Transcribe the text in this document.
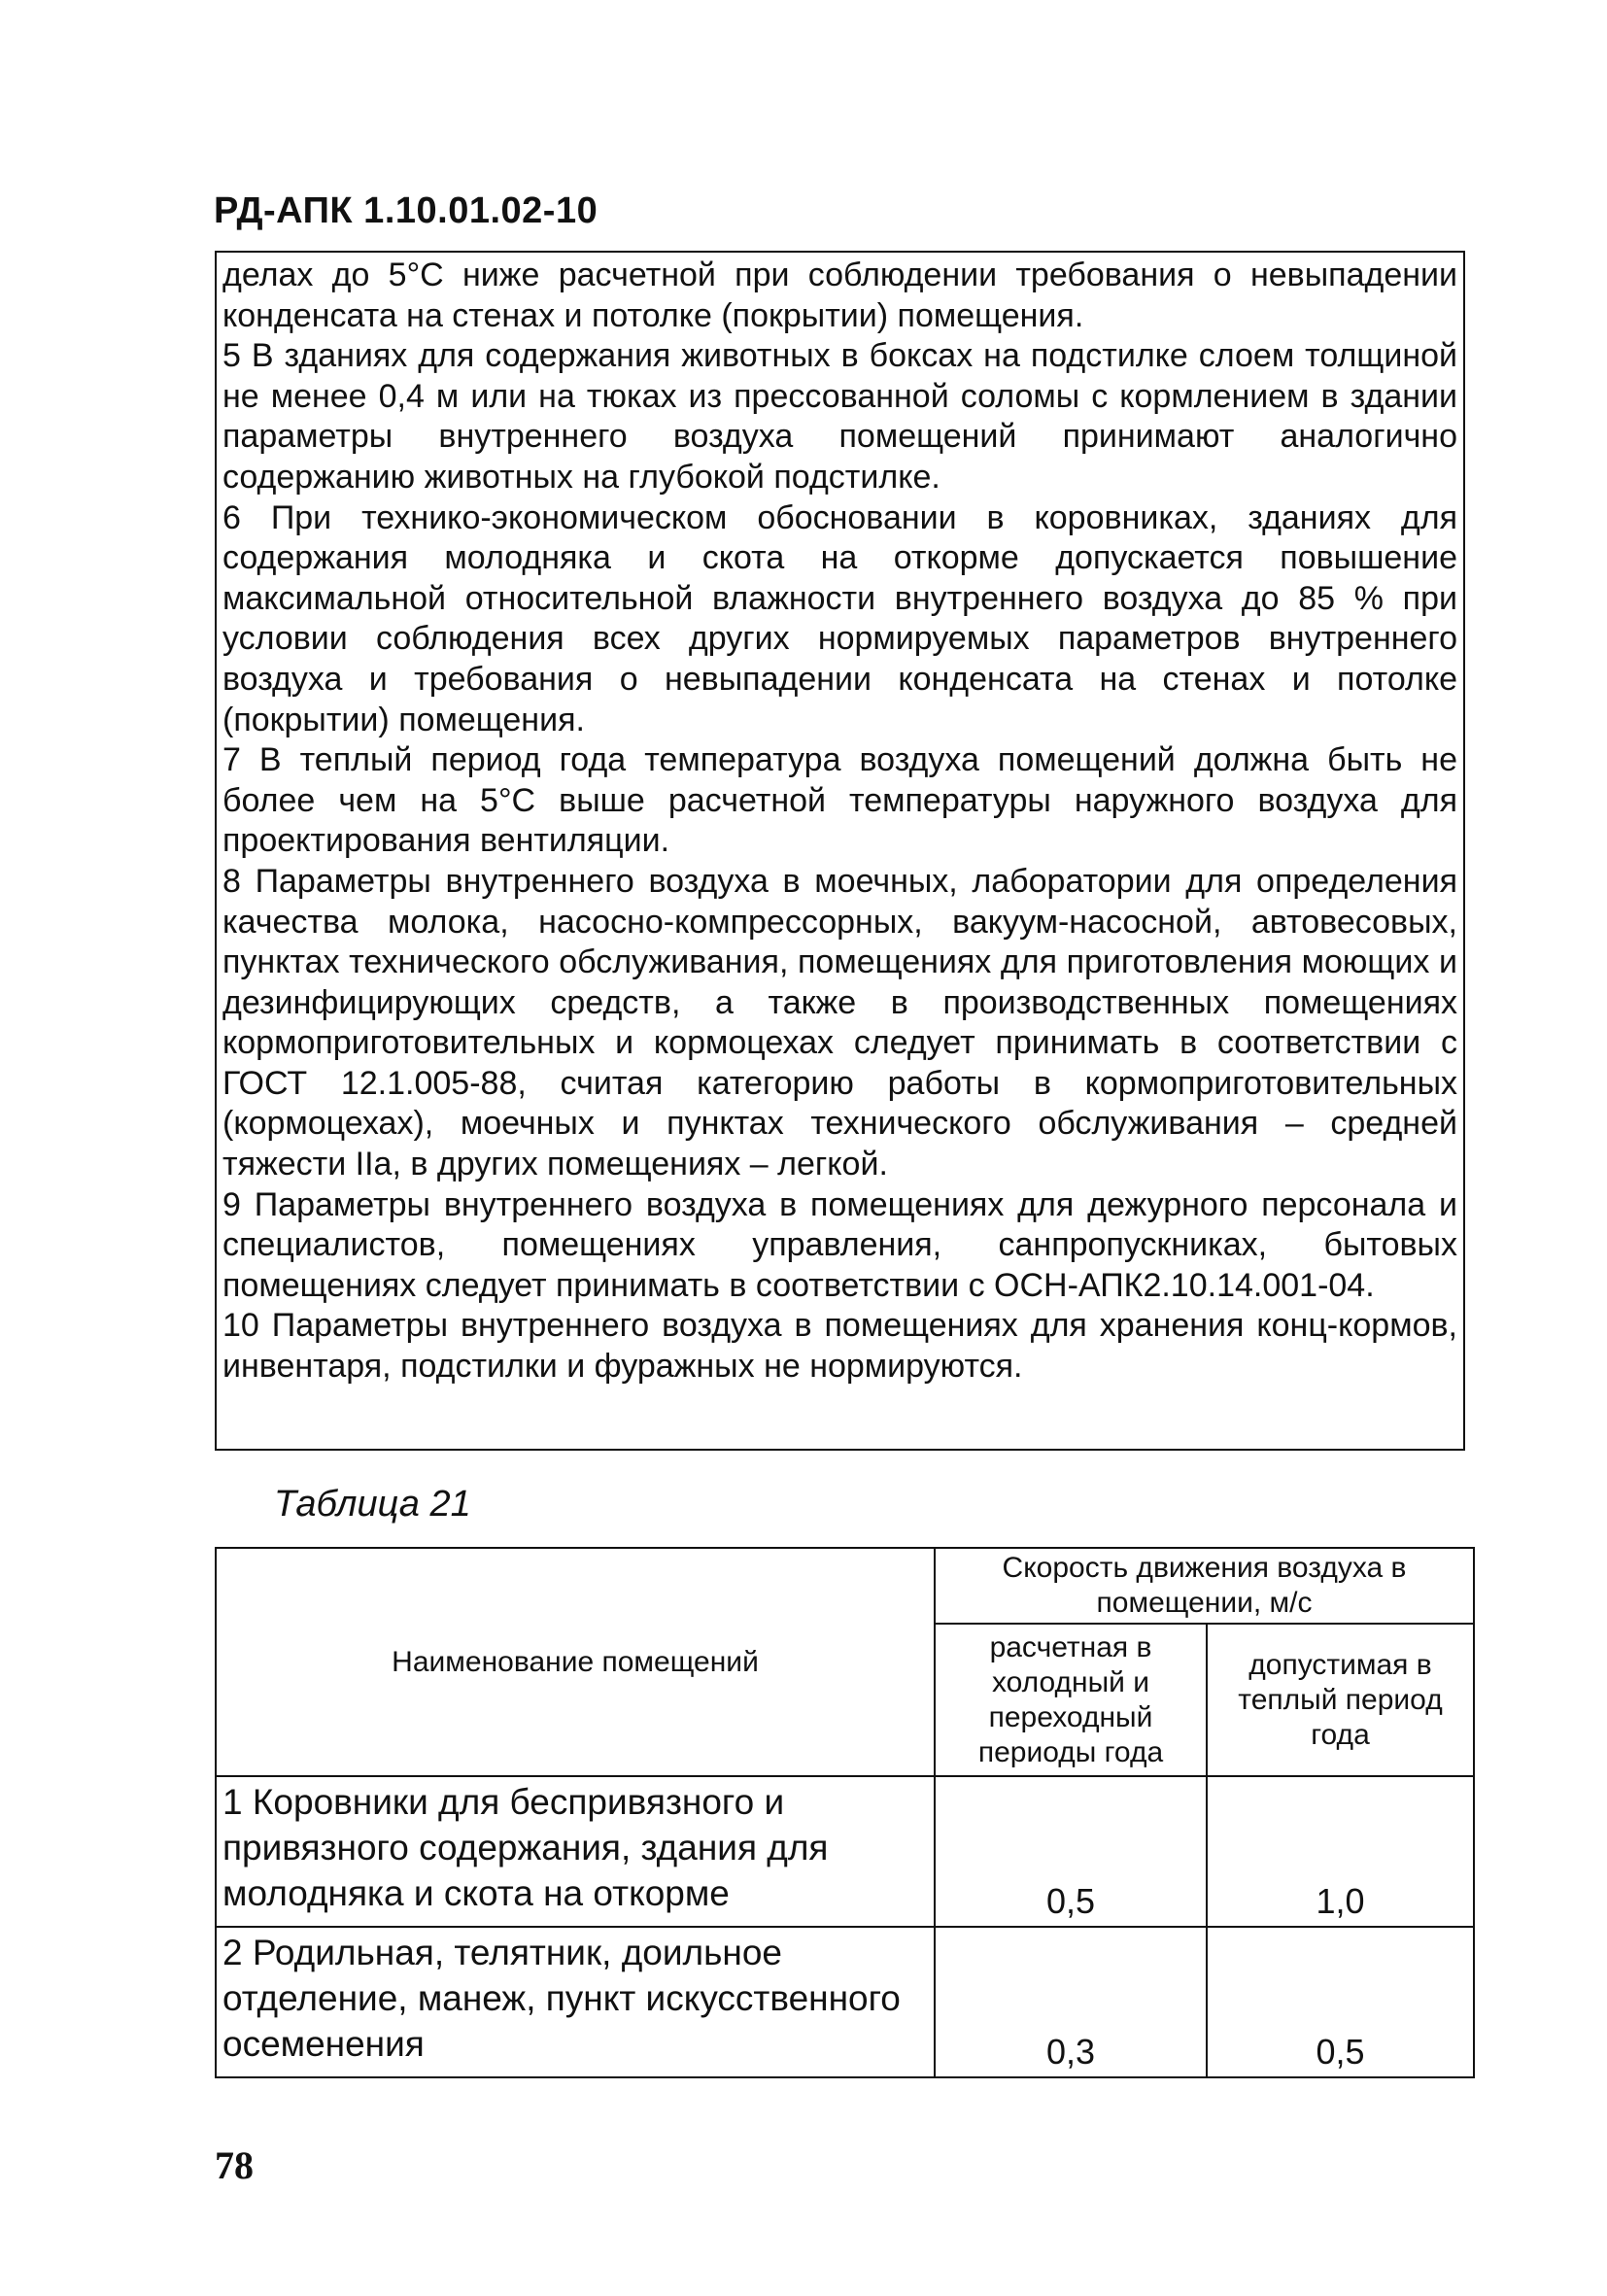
РД-АПК 1.10.01.02-10

делах до 5°С ниже расчетной при соблюдении требования о невыпадении конденсата на стенах и потолке (покрытии) помещения.

5 В зданиях для содержания животных в боксах на подстилке слоем толщиной не менее 0,4 м или на тюках из прессованной соломы с кормлением в здании параметры внутреннего воздуха помещений принимают аналогично содержанию животных на глубокой подстилке.

6 При технико-экономическом обосновании в коровниках, зданиях для содержания молодняка и скота на откорме допускается повышение максимальной относительной влажности внутреннего воздуха до 85 % при условии соблюдения всех других нормируемых параметров внутреннего воздуха и требования о невыпадении конденсата на стенах и потолке (покрытии) помещения.

7 В теплый период года температура воздуха помещений должна быть не более чем на 5°С выше расчетной температуры наружного воздуха для проектирования вентиляции.

8 Параметры внутреннего воздуха в моечных, лаборатории для определения качества молока, насосно-компрессорных, вакуум-насосной, автовесовых, пунктах технического обслуживания, помещениях для приготовления моющих и дезинфицирующих средств, а также в производственных помещениях кормоприготовительных и кормоцехах следует принимать в соответствии с ГОСТ 12.1.005-88, считая категорию работы в кормоприготовительных (кормоцехах), моечных и пунктах технического обслуживания – средней тяжести IIа, в других помещениях – легкой.

9 Параметры внутреннего воздуха в помещениях для дежурного персонала и специалистов, помещениях управления, санпропускниках, бытовых помещениях следует принимать в соответствии с ОСН-АПК2.10.14.001-04.

10 Параметры внутреннего воздуха в помещениях для хранения конц-кормов, инвентаря, подстилки и фуражных не нормируются.

Таблица 21
Наименование помещений	Скорость движения воздуха в помещении, м/с	
	расчетная в холодный и переходный периоды года	допустимая в теплый период года
1 Коровники для беспривязного и привязного содержания, здания для молодняка и скота на откорме	0,5	1,0
2 Родильная, телятник, доильное отделение, манеж, пункт искусственного осеменения	0,3	0,5
78
